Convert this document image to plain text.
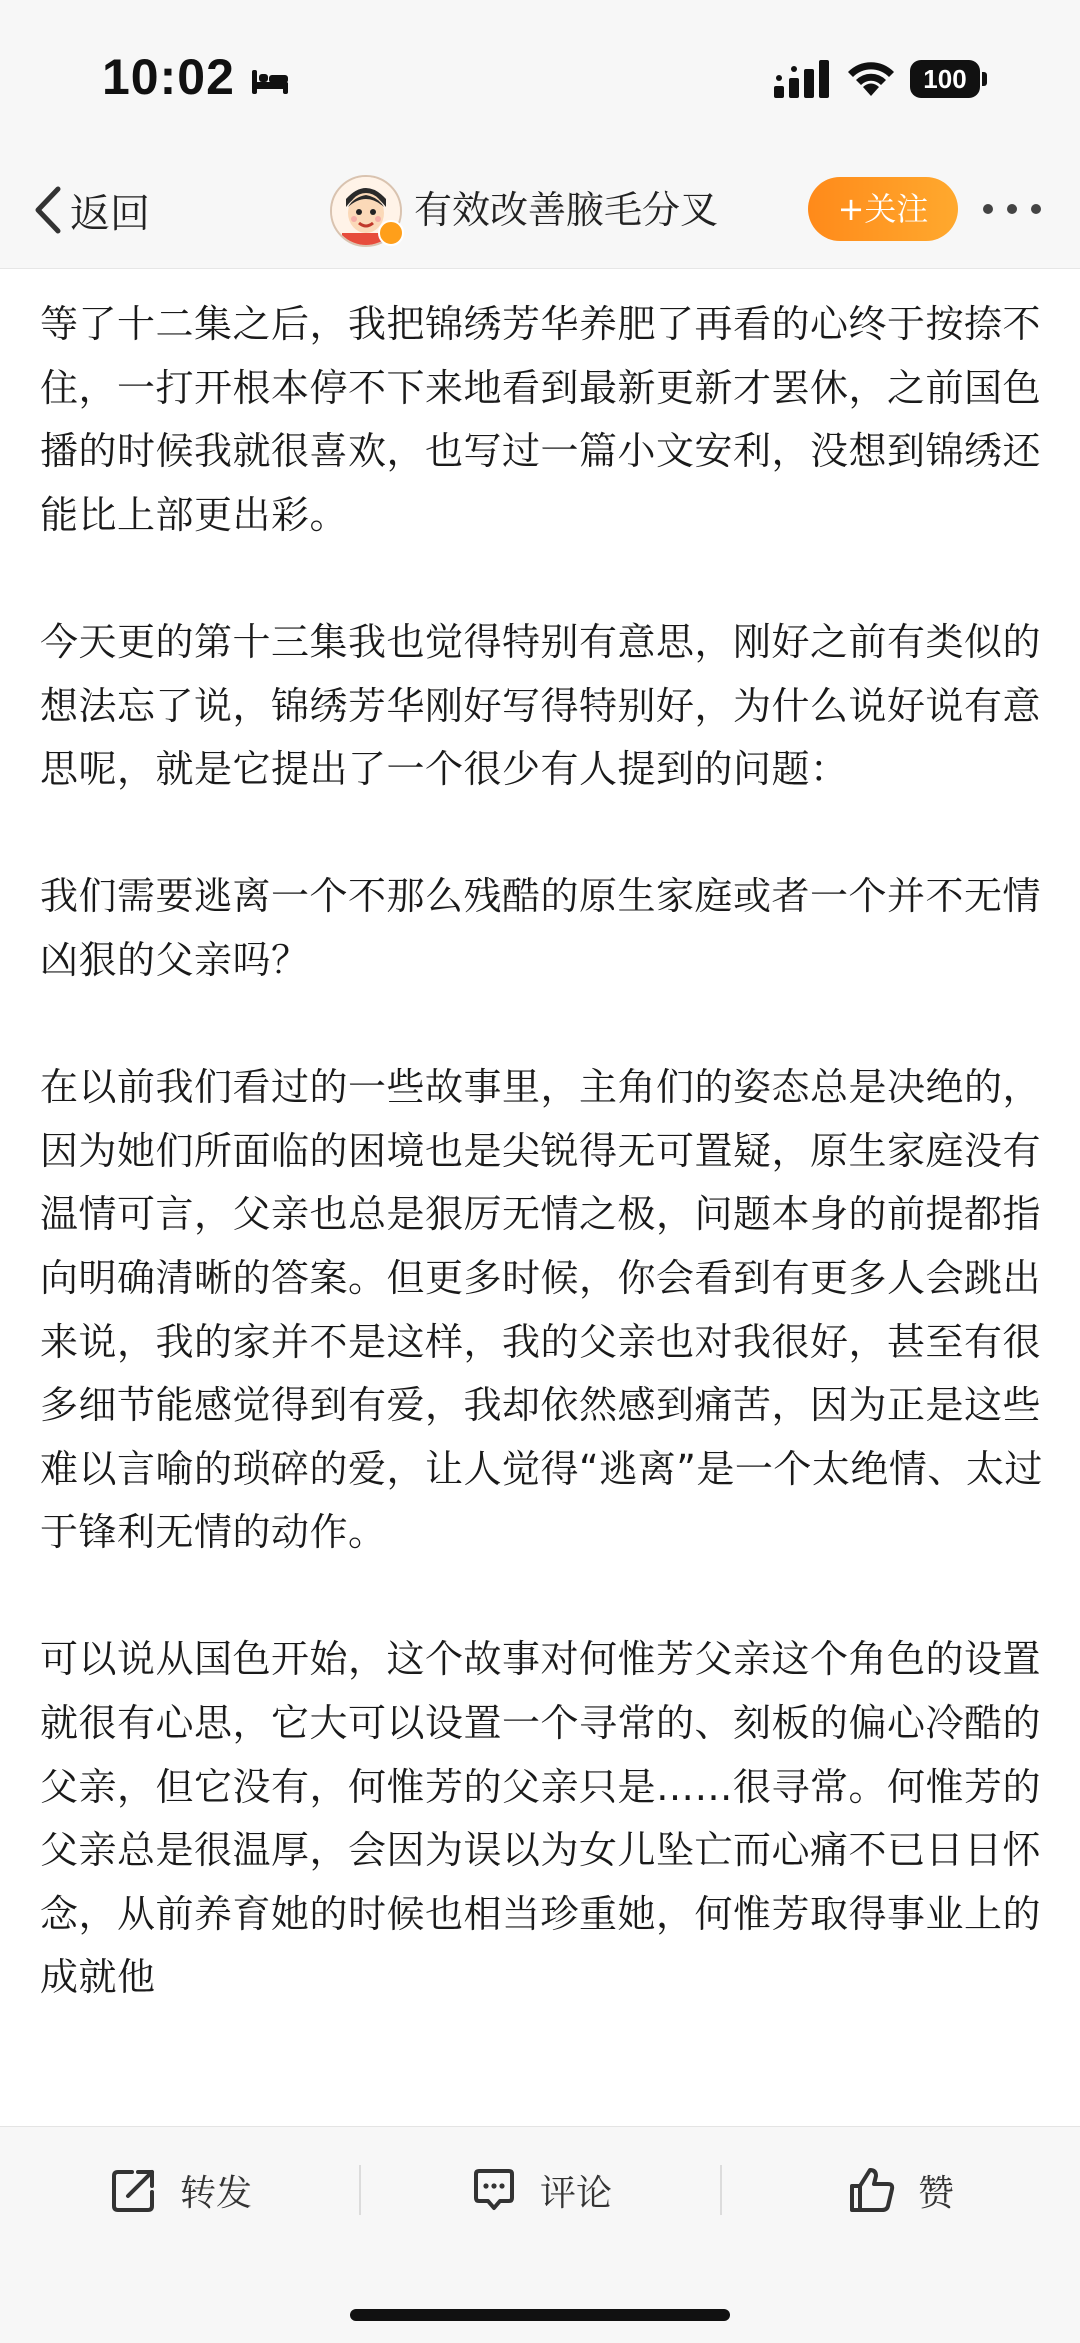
10:02	100
返回	有效改善腋毛分叉	+关注

等了十二集之后，我把锦绣芳华养肥了再看的心终于按捺不住，一打开根本停不下来地看到最新更新才罢休，之前国色播的时候我就很喜欢，也写过一篇小文安利，没想到锦绣还能比上部更出彩。

今天更的第十三集我也觉得特别有意思，刚好之前有类似的想法忘了说，锦绣芳华刚好写得特别好，为什么说好说有意思呢，就是它提出了一个很少有人提到的问题：

我们需要逃离一个不那么残酷的原生家庭或者一个并不无情凶狠的父亲吗？

在以前我们看过的一些故事里，主角们的姿态总是决绝的，因为她们所面临的困境也是尖锐得无可置疑，原生家庭没有温情可言，父亲也总是狠厉无情之极，问题本身的前提都指向明确清晰的答案。但更多时候，你会看到有更多人会跳出来说，我的家并不是这样，我的父亲也对我很好，甚至有很多细节能感觉得到有爱，我却依然感到痛苦，因为正是这些难以言喻的琐碎的爱，让人觉得“逃离”是一个太绝情、太过于锋利无情的动作。

可以说从国色开始，这个故事对何惟芳父亲这个角色的设置就很有心思，它大可以设置一个寻常的、刻板的偏心冷酷的父亲，但它没有，何惟芳的父亲只是……很寻常。何惟芳的父亲总是很温厚，会因为误以为女儿坠亡而心痛不已日日怀念，从前养育她的时候也相当珍重她，何惟芳取得事业上的成就他

转发	评论	赞
